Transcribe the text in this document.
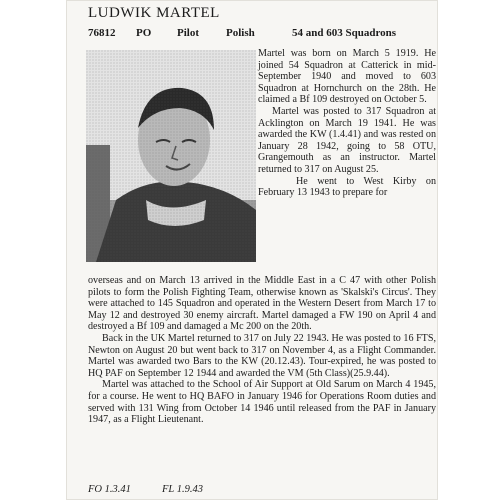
LUDWIK MARTEL
76812 PO Pilot Polish	54 and 603 Squadrons

Martel was born on March 5 1919. He joined 54 Squadron at Catterick in mid-September 1940 and moved to 603 Squadron at Hornchurch on the 28th. He claimed a Bf 109 destroyed on October 5.

Martel was posted to 317 Squadron at Acklington on March 19 1941. He was awarded the KW (1.4.41) and was rested on January 28 1942, going to 58 OTU, Grangemouth as an instructor. Martel returned to 317 on August 25.

He went to West Kirby on February 13 1943 to prepare for

overseas and on March 13 arrived in the Middle East in a C 47 with other Polish pilots to form the Polish Fighting Team, otherwise known as 'Skalski's Circus'. They were attached to 145 Squadron and operated in the Western Desert from March 17 to May 12 and destroyed 30 enemy aircraft. Martel damaged a FW 190 on April 4 and destroyed a Bf 109 and damaged a Mc 200 on the 20th.

Back in the UK Martel returned to 317 on July 22 1943. He was posted to 16 FTS, Newton on August 20 but went back to 317 on November 4, as a Flight Commander. Martel was awarded two Bars to the KW (20.12.43). Tour-expired, he was posted to HQ PAF on September 12 1944 and awarded the VM (5th Class)(25.9.44).

Martel was attached to the School of Air Support at Old Sarum on March 4 1945, for a course. He went to HQ BAFO in January 1946 for Operations Room duties and served with 131 Wing from October 14 1946 until released from the PAF in January 1947, as a Flight Lieutenant.

FO 1.3.41	FL 1.9.43
